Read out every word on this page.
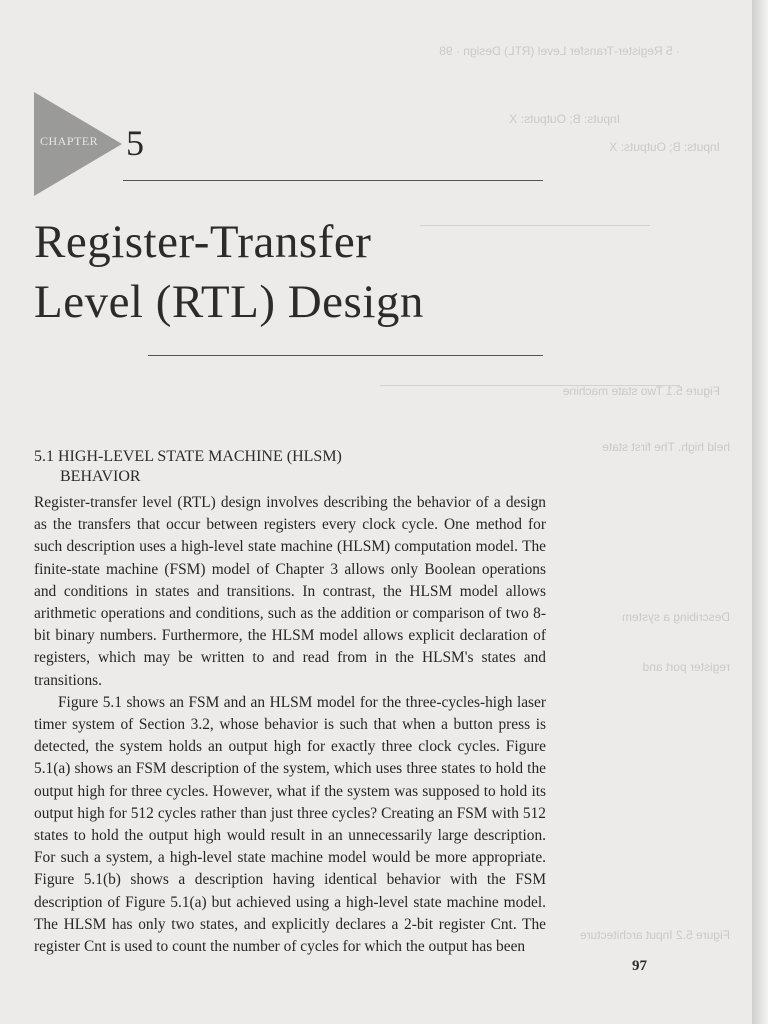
· 5 Register-Transfer Level (RTL) Design · 98
Inputs: B; Outputs: X
Inputs: B; Outputs: X
Figure 5.1 Two state machine
held high. The first state
Describing a system
register port and
Figure 5.2 Input architecture
CHAPTER 5
Register-Transfer
Level (RTL) Design
5.1 HIGH-LEVEL STATE MACHINE (HLSM)
BEHAVIOR

Register-transfer level (RTL) design involves describing the behavior of a design as the transfers that occur between registers every clock cycle. One method for such description uses a high-level state machine (HLSM) computation model. The finite-state machine (FSM) model of Chapter 3 allows only Boolean operations and conditions in states and transitions. In contrast, the HLSM model allows arithmetic operations and conditions, such as the addition or comparison of two 8-bit binary numbers. Furthermore, the HLSM model allows explicit declaration of registers, which may be written to and read from in the HLSM's states and transitions.

Figure 5.1 shows an FSM and an HLSM model for the three-cycles-high laser timer system of Section 3.2, whose behavior is such that when a button press is detected, the system holds an output high for exactly three clock cycles. Figure 5.1(a) shows an FSM description of the system, which uses three states to hold the output high for three cycles. However, what if the system was supposed to hold its output high for 512 cycles rather than just three cycles? Creating an FSM with 512 states to hold the output high would result in an unnecessarily large description. For such a system, a high-level state machine model would be more appropriate. Figure 5.1(b) shows a description having identical behavior with the FSM description of Figure 5.1(a) but achieved using a high-level state machine model. The HLSM has only two states, and explicitly declares a 2-bit register Cnt. The register Cnt is used to count the number of cycles for which the output has been

97
